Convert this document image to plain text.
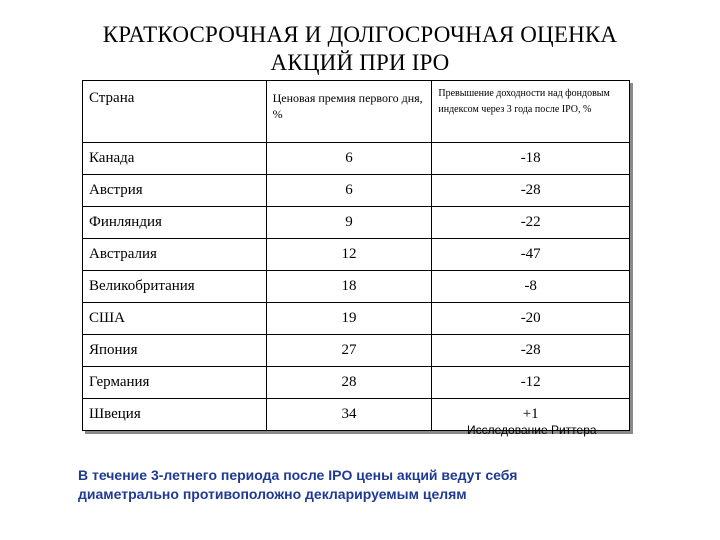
КРАТКОСРОЧНАЯ И ДОЛГОСРОЧНАЯ ОЦЕНКА
АКЦИЙ ПРИ IPO
Страна	Ценовая премия первого дня, %	Превышение доходности над фондовым индексом через 3 года после IPO, %
Канада	6	-18
Австрия	6	-28
Финляндия	9	-22
Австралия	12	-47
Великобритания	18	-8
США	19	-20
Япония	27	-28
Германия	28	-12
Швеция	34	+1
Исследование Риттера
В течение 3-летнего периода после IPO цены акций ведут себя
диаметрально противоположно декларируемым целям
